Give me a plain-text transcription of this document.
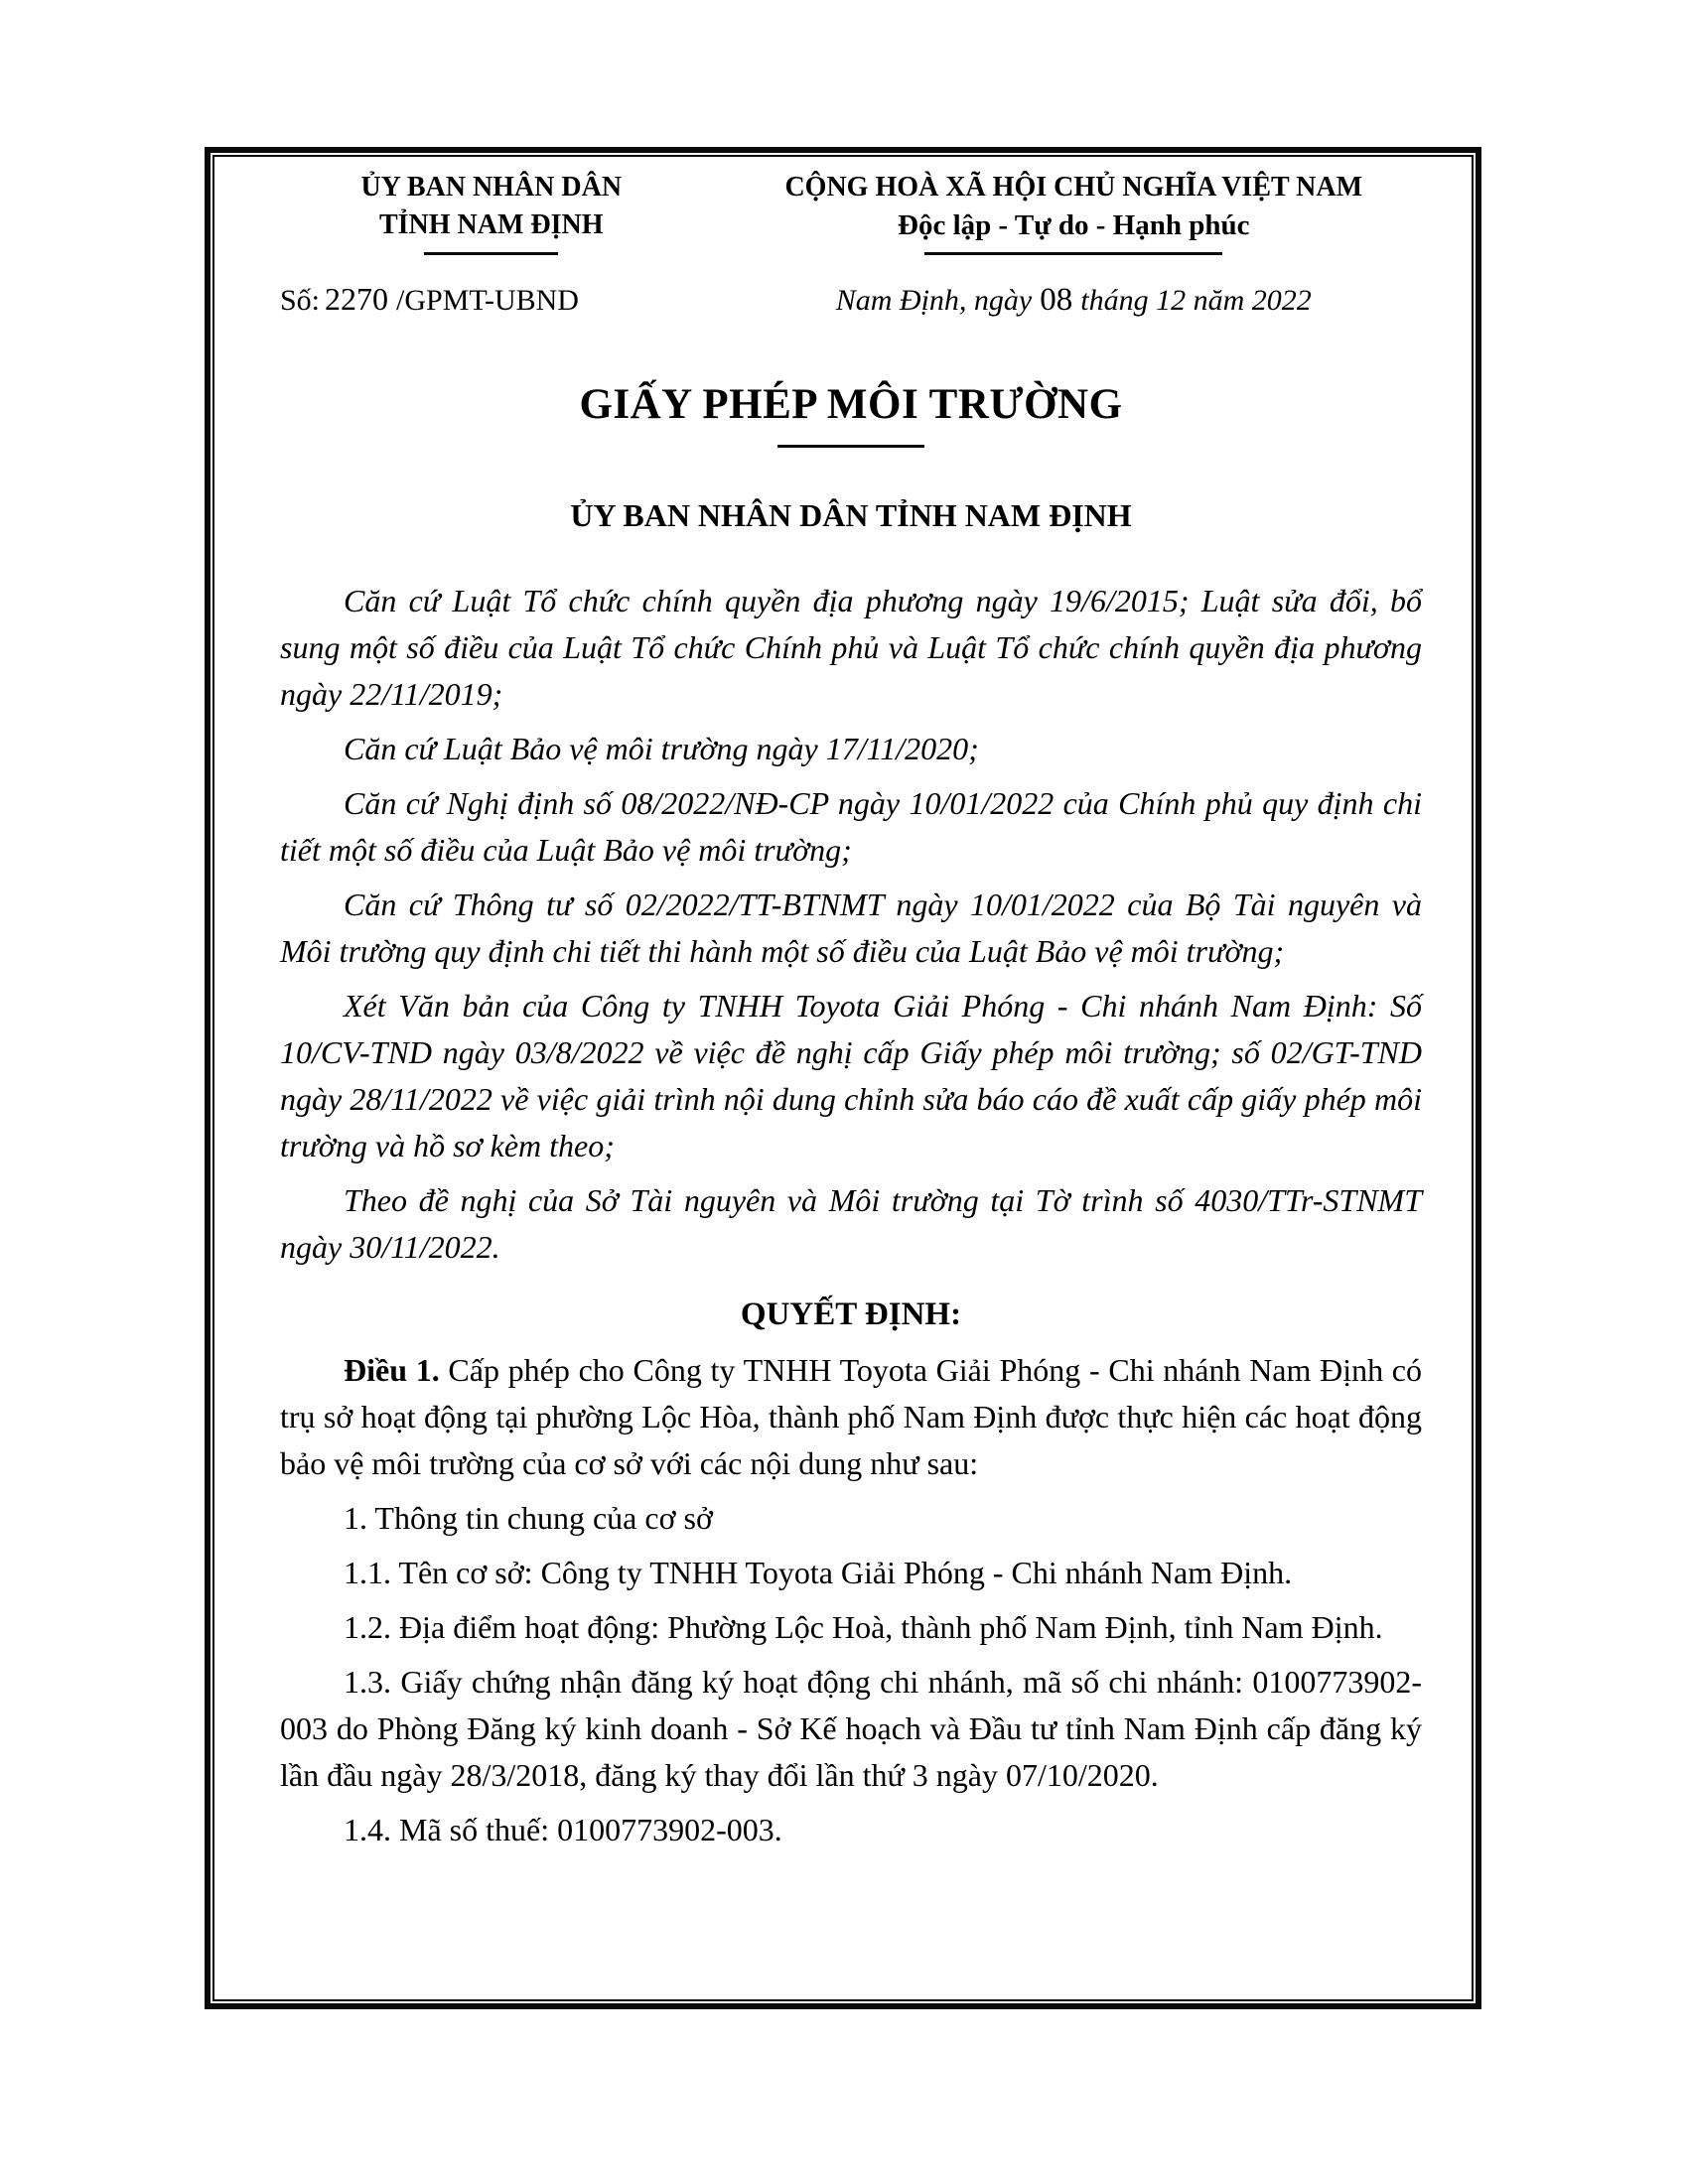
ỦY BAN NHÂN DÂN
TỈNH NAM ĐỊNH
CỘNG HOÀ XÃ HỘI CHỦ NGHĨA VIỆT NAM
Độc lập - Tự do - Hạnh phúc
Số: 2270 /GPMT-UBND	Nam Định, ngày 08 tháng 12 năm 2022
GIẤY PHÉP MÔI TRƯỜNG
ỦY BAN NHÂN DÂN TỈNH NAM ĐỊNH

Căn cứ Luật Tổ chức chính quyền địa phương ngày 19/6/2015; Luật sửa đổi, bổ sung một số điều của Luật Tổ chức Chính phủ và Luật Tổ chức chính quyền địa phương ngày 22/11/2019;

Căn cứ Luật Bảo vệ môi trường ngày 17/11/2020;

Căn cứ Nghị định số 08/2022/NĐ-CP ngày 10/01/2022 của Chính phủ quy định chi tiết một số điều của Luật Bảo vệ môi trường;

Căn cứ Thông tư số 02/2022/TT-BTNMT ngày 10/01/2022 của Bộ Tài nguyên và Môi trường quy định chi tiết thi hành một số điều của Luật Bảo vệ môi trường;

Xét Văn bản của Công ty TNHH Toyota Giải Phóng - Chi nhánh Nam Định: Số 10/CV-TND ngày 03/8/2022 về việc đề nghị cấp Giấy phép môi trường; số 02/GT-TND ngày 28/11/2022 về việc giải trình nội dung chỉnh sửa báo cáo đề xuất cấp giấy phép môi trường và hồ sơ kèm theo;

Theo đề nghị của Sở Tài nguyên và Môi trường tại Tờ trình số 4030/TTr-STNMT ngày 30/11/2022.

QUYẾT ĐỊNH:

Điều 1. Cấp phép cho Công ty TNHH Toyota Giải Phóng - Chi nhánh Nam Định có trụ sở hoạt động tại phường Lộc Hòa, thành phố Nam Định được thực hiện các hoạt động bảo vệ môi trường của cơ sở với các nội dung như sau:

1. Thông tin chung của cơ sở

1.1. Tên cơ sở: Công ty TNHH Toyota Giải Phóng - Chi nhánh Nam Định.

1.2. Địa điểm hoạt động: Phường Lộc Hoà, thành phố Nam Định, tỉnh Nam Định.

1.3. Giấy chứng nhận đăng ký hoạt động chi nhánh, mã số chi nhánh: 0100773902-003 do Phòng Đăng ký kinh doanh - Sở Kế hoạch và Đầu tư tỉnh Nam Định cấp đăng ký lần đầu ngày 28/3/2018, đăng ký thay đổi lần thứ 3 ngày 07/10/2020.

1.4. Mã số thuế: 0100773902-003.
